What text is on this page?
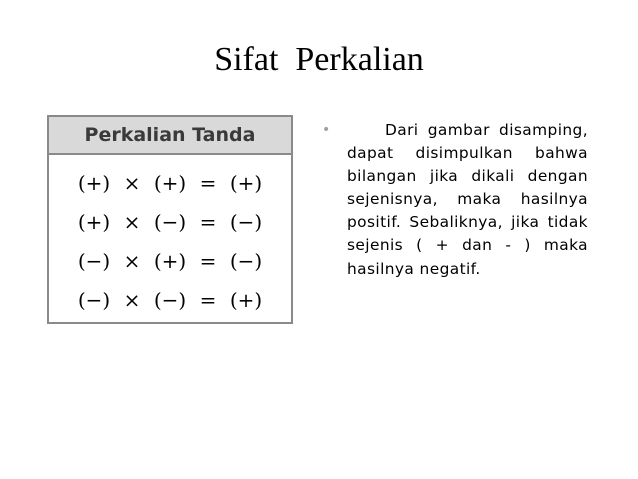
Sifat  Perkalian
Perkalian Tanda
(+) × (+) = (+)
(+) × (−) = (−)
(−) × (+) = (−)
(−) × (−) = (+)
•	Dari gambar disamping, dapat disimpulkan bahwa bilangan jika dikali dengan sejenisnya, maka hasilnya positif. Sebaliknya, jika tidak sejenis ( + dan - ) maka hasilnya negatif.
